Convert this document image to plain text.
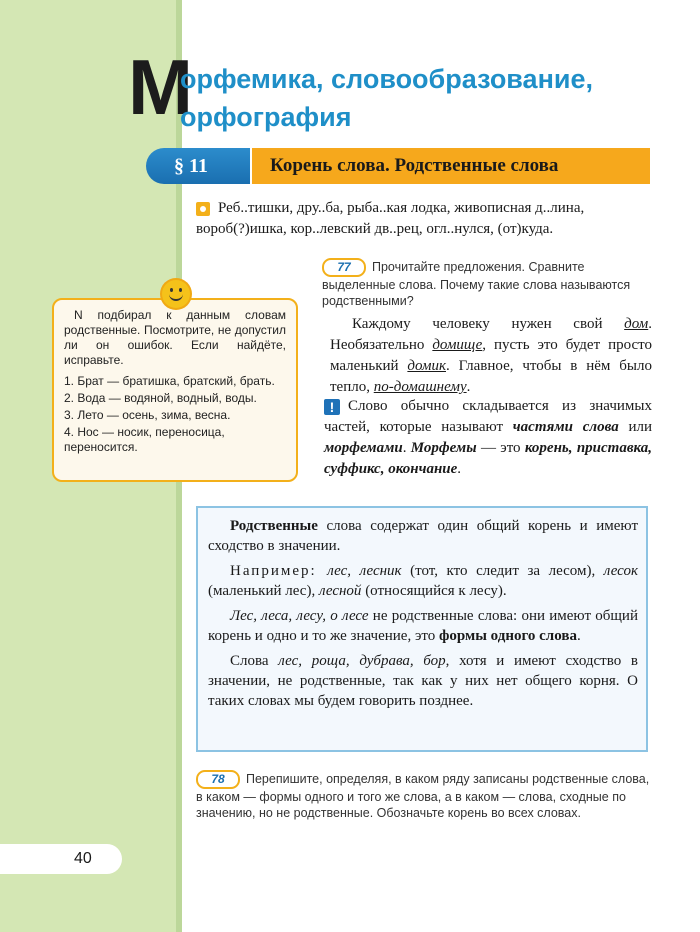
М
орфемика, словообразование,
орфография
§ 11	Корень слова. Родственные слова
Реб..тишки, дру..ба, рыба..кая лодка, живописная д..лина, вороб(?)ишка, кор..левский дв..рец, огл..нулся, (от)куда.
77 Прочитайте предложения. Сравните выделенные слова. Почему такие слова называются родственными?
Каждому человеку нужен свой дом. Необязательно домище, пусть это будет просто маленький домик. Главное, чтобы в нём было тепло, по-домашнему.
Слово обычно складывается из значимых частей, которые называют частями слова или морфемами. Морфемы — это корень, приставка, суффикс, окончание.
!

N подбирал к данным словам родственные. Посмотрите, не допустил ли он ошибок. Если найдёте, исправьте.

1. Брат — братишка, братский, брать.
2. Вода — водяной, водный, воды.
3. Лето — осень, зима, весна.
4. Нос — носик, переносица, переносится.

Родственные слова содержат один общий корень и имеют сходство в значении.

Например: лес, лесник (тот, кто следит за лесом), лесок (маленький лес), лесной (относящийся к лесу).

Лес, леса, лесу, о лесе не родственные слова: они имеют общий корень и одно и то же значение, это формы одного слова.

Слова лес, роща, дубрава, бор, хотя и имеют сходство в значении, не родственные, так как у них нет общего корня. О таких словах мы будем говорить позднее.

78 Перепишите, определяя, в каком ряду записаны родственные слова, в каком — формы одного и того же слова, а в каком — слова, сходные по значению, но не родственные. Обозначьте корень во всех словах.
40
